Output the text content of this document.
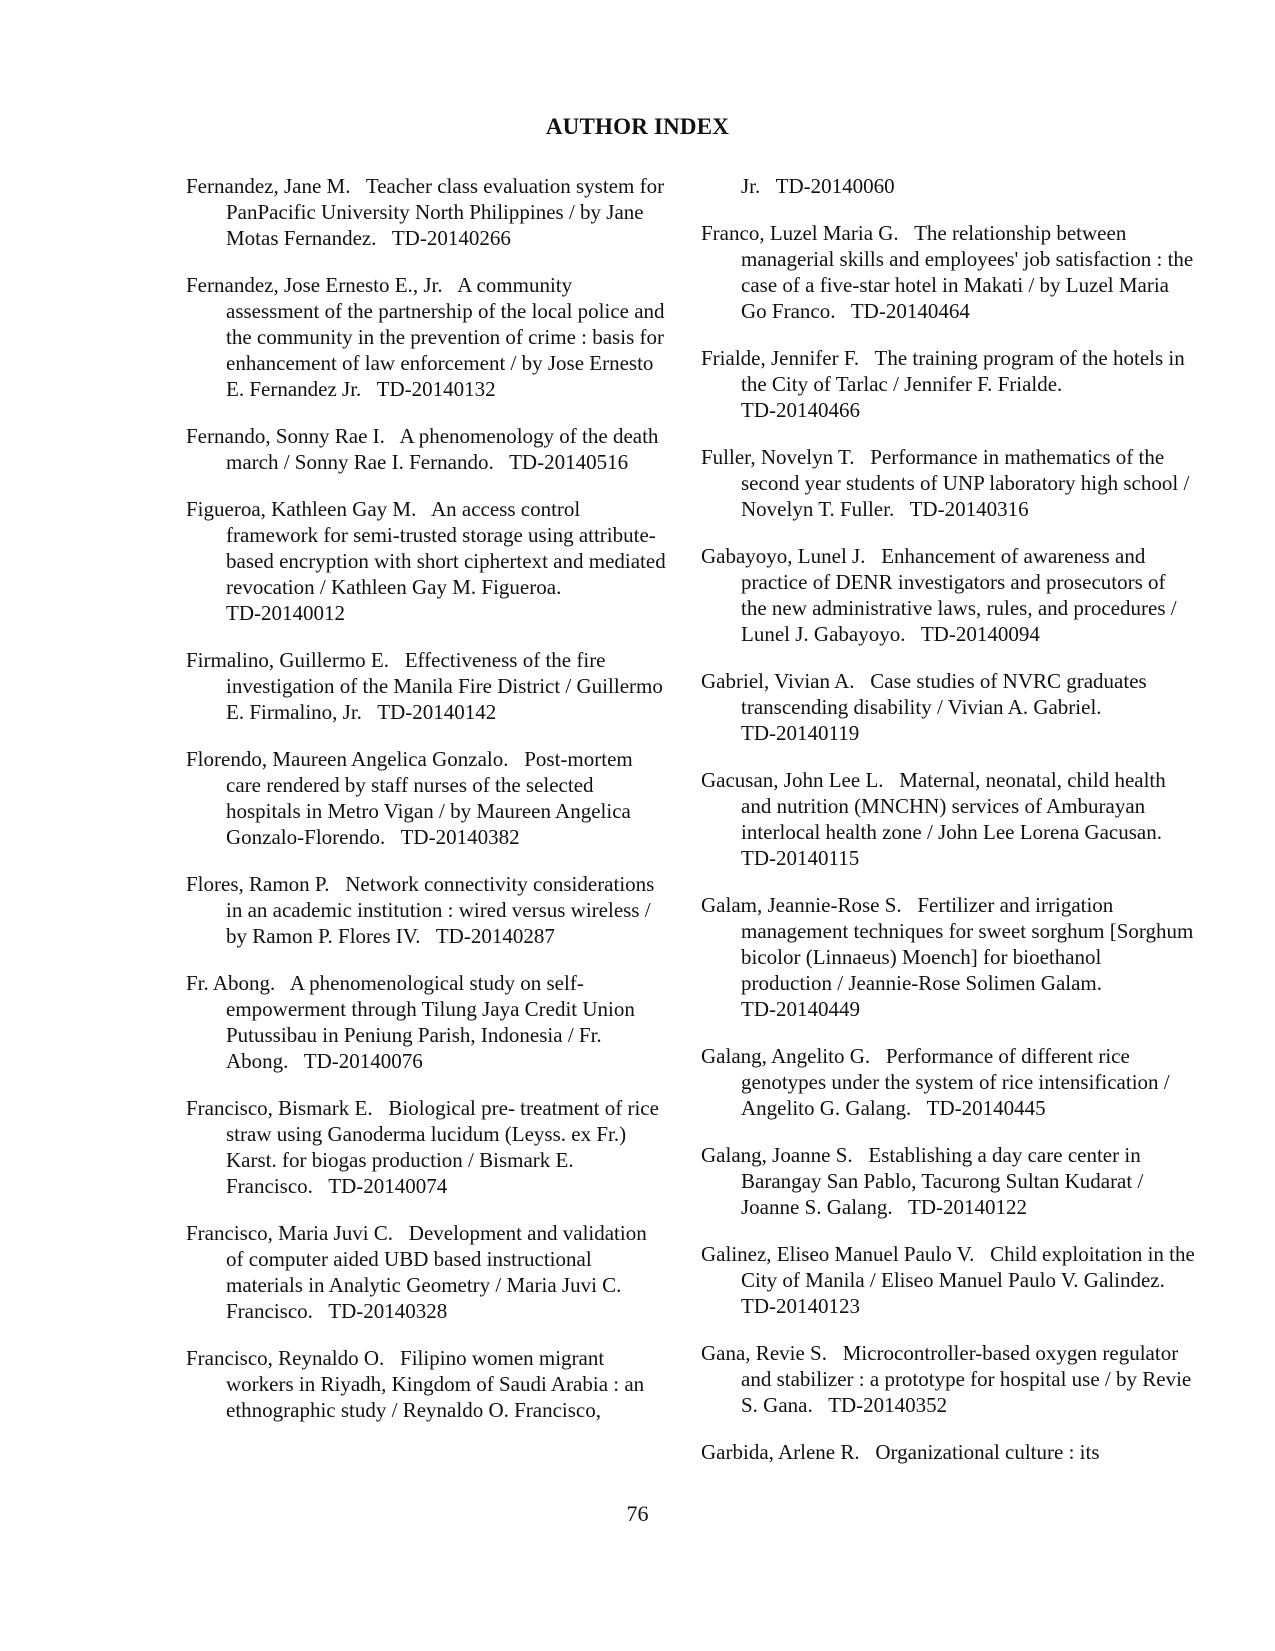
AUTHOR INDEX

Fernandez, Jane M. Teacher class evaluation system for PanPacific University North Philippines / by Jane Motas Fernandez. TD-20140266

Fernandez, Jose Ernesto E., Jr. A community assessment of the partnership of the local police and the community in the prevention of crime : basis for enhancement of law enforcement / by Jose Ernesto E. Fernandez Jr. TD-20140132

Fernando, Sonny Rae I. A phenomenology of the death march / Sonny Rae I. Fernando. TD-20140516

Figueroa, Kathleen Gay M. An access control framework for semi-trusted storage using attribute-based encryption with short ciphertext and mediated revocation / Kathleen Gay M. Figueroa.   TD-20140012

Firmalino, Guillermo E. Effectiveness of the fire investigation of the Manila Fire District / Guillermo E. Firmalino, Jr. TD-20140142

Florendo, Maureen Angelica Gonzalo. Post-mortem care rendered by staff nurses of the selected hospitals in Metro Vigan / by Maureen Angelica Gonzalo-Florendo. TD-20140382

Flores, Ramon P. Network connectivity considerations in an academic institution : wired versus wireless / by Ramon P. Flores IV. TD-20140287

Fr. Abong. A phenomenological study on self-empowerment through Tilung Jaya Credit Union Putussibau in Peniung Parish, Indonesia / Fr. Abong. TD-20140076

Francisco, Bismark E. Biological pre- treatment of rice straw using Ganoderma lucidum (Leyss. ex Fr.) Karst. for biogas production / Bismark E. Francisco. TD-20140074

Francisco, Maria Juvi C. Development and validation of computer aided UBD based instructional materials in Analytic Geometry / Maria Juvi C. Francisco. TD-20140328

Francisco, Reynaldo O. Filipino women migrant workers in Riyadh, Kingdom of Saudi Arabia : an ethnographic study / Reynaldo O. Francisco,

Jr. TD-20140060

Franco, Luzel Maria G. The relationship between managerial skills and employees' job satisfaction : the case of a five-star hotel in Makati / by Luzel Maria Go Franco. TD-20140464

Frialde, Jennifer F. The training program of the hotels in the City of Tarlac / Jennifer F. Frialde.   TD-20140466

Fuller, Novelyn T. Performance in mathematics of the second year students of UNP laboratory high school / Novelyn T. Fuller. TD-20140316

Gabayoyo, Lunel J. Enhancement of awareness and practice of DENR investigators and prosecutors of the new administrative laws, rules, and procedures / Lunel J. Gabayoyo. TD-20140094

Gabriel, Vivian A. Case studies of NVRC graduates transcending disability / Vivian A. Gabriel.   TD-20140119

Gacusan, John Lee L. Maternal, neonatal, child health and nutrition (MNCHN) services of Amburayan interlocal health zone / John Lee Lorena Gacusan.   TD-20140115

Galam, Jeannie-Rose S. Fertilizer and irrigation management techniques for sweet sorghum [Sorghum bicolor (Linnaeus) Moench] for bioethanol production / Jeannie-Rose Solimen Galam.   TD-20140449

Galang, Angelito G. Performance of different rice genotypes under the system of rice intensification / Angelito G. Galang. TD-20140445

Galang, Joanne S. Establishing a day care center in Barangay San Pablo, Tacurong Sultan Kudarat / Joanne S. Galang. TD-20140122

Galinez, Eliseo Manuel Paulo V. Child exploitation in the City of Manila / Eliseo Manuel Paulo V. Galindez.   TD-20140123

Gana, Revie S. Microcontroller-based oxygen regulator and stabilizer : a prototype for hospital use / by Revie S. Gana. TD-20140352

Garbida, Arlene R. Organizational culture : its

76
